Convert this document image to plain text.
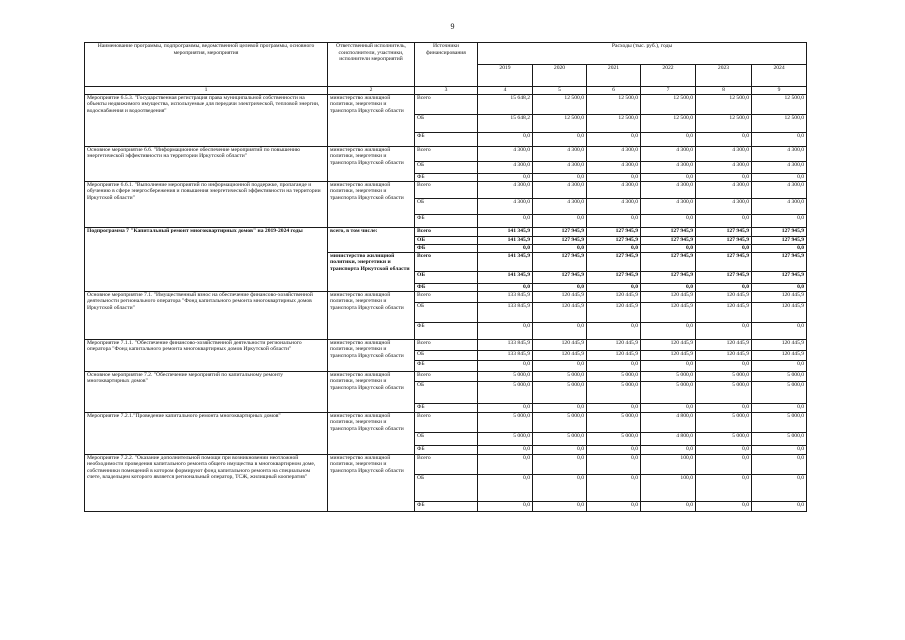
9
Наименование программы, подпрограммы, ведомственной целевой программы, основного мероприятия, мероприятия	Ответственный исполнитель, соисполнители, участники, исполнители мероприятий	Источники финансирования	Расходы (тыс. руб.), годы					
			2019	2020	2021	2022	2023	2024
1	2	3	4	5	6	7	8	9
Мероприятие 6.5.3. "Государственная регистрация права муниципальной собственности на объекты недвижимого имущества, используемые для передачи электрической, тепловой энергии, водоснабжения и водоотведения"	министерство жилищной политики, энергетики и транспорта Иркутской области	Всего	15 648,2	12 500,0	12 500,0	12 500,0	12 500,0	12 500,0
		ОБ	15 648,2	12 500,0	12 500,0	12 500,0	12 500,0	12 500,0
		ФБ	0,0	0,0	0,0	0,0	0,0	0,0
Основное мероприятие 6.6. "Информационное обеспечение мероприятий по повышению энергетической эффективности на территории Иркутской области"	министерство жилищной политики, энергетики и транспорта Иркутской области	Всего	4 300,0	4 300,0	4 300,0	4 300,0	4 300,0	4 300,0
		ОБ	4 300,0	4 300,0	4 300,0	4 300,0	4 300,0	4 300,0
		ФБ	0,0	0,0	0,0	0,0	0,0	0,0
Мероприятие 6.6.1. "Выполнение мероприятий по информационной поддержке, пропаганде и обучению в сфере энергосбережения и повышения энергетической эффективности на территории Иркутской области"	министерство жилищной политики, энергетики и транспорта Иркутской области	Всего	4 300,0	4 300,0	4 300,0	4 300,0	4 300,0	4 300,0
		ОБ	4 300,0	4 300,0	4 300,0	4 300,0	4 300,0	4 300,0
		ФБ	0,0	0,0	0,0	0,0	0,0	0,0
Подпрограмма 7 "Капитальный ремонт многоквартирных домов" на 2019-2024 годы	всего, в том числе:	Всего	141 345,9	127 945,9	127 945,9	127 945,9	127 945,9	127 945,9
		ОБ	141 345,9	127 945,9	127 945,9	127 945,9	127 945,9	127 945,9
		ФБ	0,0	0,0	0,0	0,0	0,0	0,0
	министерство жилищной политики, энергетики и транспорта Иркутской области	Всего	141 345,9	127 945,9	127 945,9	127 945,9	127 945,9	127 945,9
		ОБ	141 345,9	127 945,9	127 945,9	127 945,9	127 945,9	127 945,9
		ФБ	0,0	0,0	0,0	0,0	0,0	0,0
Основное мероприятие 7.1. "Имущественный взнос на обеспечение финансово-хозяйственной деятельности регионального оператора "Фонд капитального ремонта многоквартирных домов Иркутской области"	министерство жилищной политики, энергетики и транспорта Иркутской области	Всего	133 845,9	120 445,9	120 445,9	120 445,9	120 445,9	120 445,9
		ОБ	133 845,9	120 445,9	120 445,9	120 445,9	120 445,9	120 445,9
		ФБ	0,0	0,0	0,0	0,0	0,0	0,0
Мероприятие 7.1.1. "Обеспечение финансово-хозяйственной деятельности регионального оператора "Фонд капитального ремонта многоквартирных домов Иркутской области"	министерство жилищной политики, энергетики и транспорта Иркутской области	Всего	133 845,9	120 445,9	120 445,9	120 445,9	120 445,9	120 445,9
		ОБ	133 845,9	120 445,9	120 445,9	120 445,9	120 445,9	120 445,9
		ФБ	0,0	0,0	0,0	0,0	0,0	0,0
Основное мероприятие 7.2. "Обеспечение мероприятий по капитальному ремонту многоквартирных домов"	министерство жилищной политики, энергетики и транспорта Иркутской области	Всего	5 000,0	5 000,0	5 000,0	5 000,0	5 000,0	5 000,0
		ОБ	5 000,0	5 000,0	5 000,0	5 000,0	5 000,0	5 000,0
		ФБ	0,0	0,0	0,0	0,0	0,0	0,0
Мероприятие 7.2.1."Проведение капитального ремонта многоквартирных домов"	министерство жилищной политики, энергетики и транспорта Иркутской области	Всего	5 000,0	5 000,0	5 000,0	4 800,0	5 000,0	5 000,0
		ОБ	5 000,0	5 000,0	5 000,0	4 800,0	5 000,0	5 000,0
		ФБ	0,0	0,0	0,0	0,0	0,0	0,0
Мероприятие 7.2.2. "Оказание дополнительной помощи при возникновении неотложной необходимости проведения капитального ремонта общего имущества в многоквартирном доме, собственники помещений в котором формируют фонд капитального ремонта на специальном счете, владельцем которого является региональный оператор, ТСЖ, жилищный кооператив"	министерство жилищной политики, энергетики и транспорта Иркутской области	Всего	0,0	0,0	0,0	100,0	0,0	0,0
		ОБ	0,0	0,0	0,0	100,0	0,0	0,0
		ФБ	0,0	0,0	0,0	0,0	0,0	0,0
